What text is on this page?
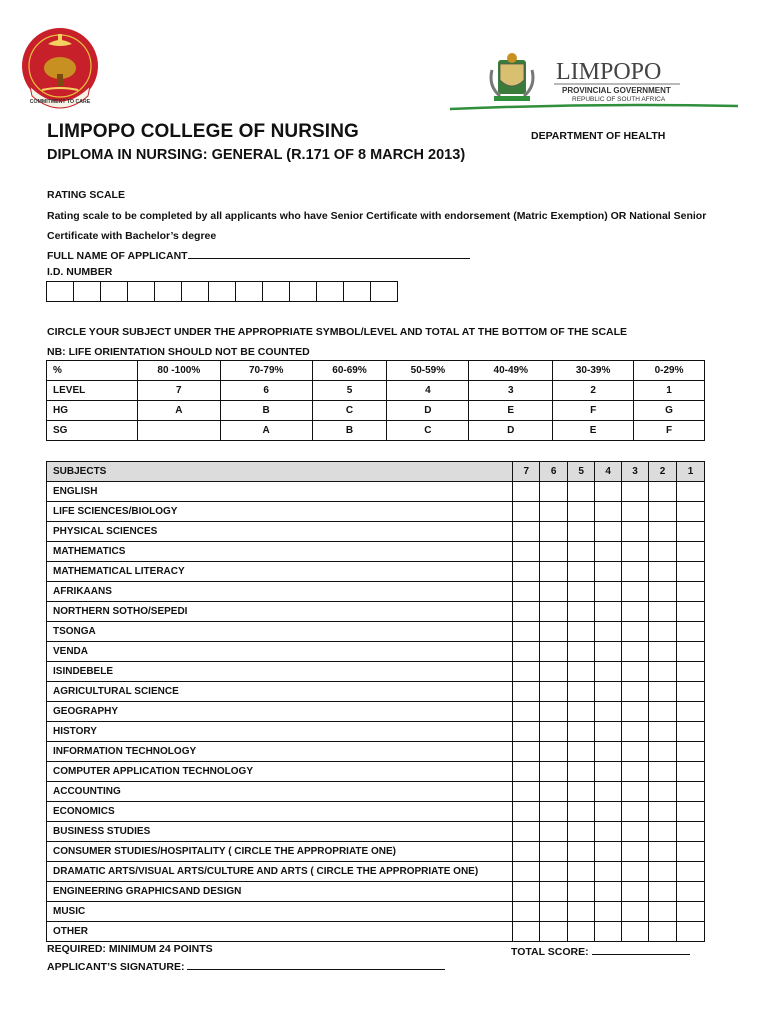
COMMITMENT TO CARE
LIMPOPO
PROVINCIAL GOVERNMENT
REPUBLIC OF SOUTH AFRICA
LIMPOPO COLLEGE OF NURSING
DIPLOMA IN NURSING: GENERAL (R.171 OF 8 MARCH 2013)
DEPARTMENT OF HEALTH
RATING SCALE
Rating scale to be completed by all applicants who have Senior Certificate with endorsement (Matric Exemption) OR National Senior Certificate with Bachelor’s degree
FULL NAME OF APPLICANT
I.D. NUMBER
CIRCLE YOUR SUBJECT UNDER THE APPROPRIATE SYMBOL/LEVEL AND TOTAL AT THE BOTTOM OF THE SCALE
NB: LIFE ORIENTATION SHOULD NOT BE COUNTED
%	80 -100%	70-79%	60-69%	50-59%	40-49%	30-39%	0-29%
LEVEL	7	6	5	4	3	2	1
HG	A	B	C	D	E	F	G
SG		A	B	C	D	E	F
SUBJECTS	7	6	5	4	3	2	1
ENGLISH							
LIFE SCIENCES/BIOLOGY							
PHYSICAL SCIENCES							
MATHEMATICS							
MATHEMATICAL LITERACY							
AFRIKAANS							
NORTHERN SOTHO/SEPEDI							
TSONGA							
VENDA							
ISINDEBELE							
AGRICULTURAL SCIENCE							
GEOGRAPHY							
HISTORY							
INFORMATION TECHNOLOGY							
COMPUTER APPLICATION TECHNOLOGY							
ACCOUNTING							
ECONOMICS							
BUSINESS STUDIES							
CONSUMER STUDIES/HOSPITALITY ( CIRCLE THE APPROPRIATE ONE)							
DRAMATIC ARTS/VISUAL ARTS/CULTURE AND ARTS ( CIRCLE THE APPROPRIATE ONE)							
ENGINEERING GRAPHICSAND DESIGN							
MUSIC							
OTHER							
REQUIRED: MINIMUM 24 POINTS	TOTAL SCORE:
APPLICANT’S SIGNATURE:
